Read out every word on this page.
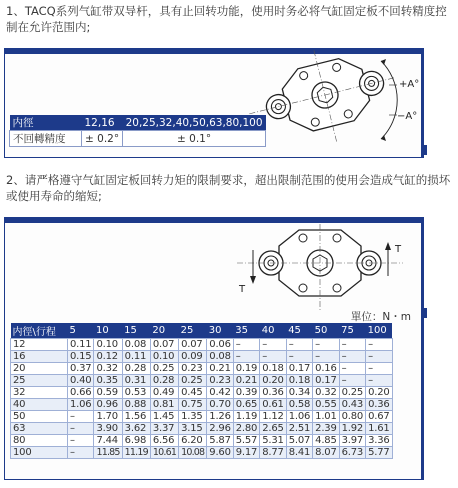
1、TACQ系列气缸带双导杆，具有止回转功能，使用时务必将气缸固定板不回转精度控制在允许范围内;
+A°
−A°
内徑	12,16	20,25,32,40,50,63,80,100
不回轉精度	± 0.2°	± 0.1°
2、请严格遵守气缸固定板回转力矩的限制要求，超出限制范围的使用会造成气缸的损坏或使用寿命的缩短;
T
T
單位：N・m
内徑\行程	5	10	15	20	25	30	35	40	45	50	75	100
12	0.11	0.10	0.08	0.07	0.07	0.06	–	–	–	–	–	–
16	0.15	0.12	0.11	0.10	0.09	0.08	–	–	–	–	–	–
20	0.37	0.32	0.28	0.25	0.23	0.21	0.19	0.18	0.17	0.16	–	–
25	0.40	0.35	0.31	0.28	0.25	0.23	0.21	0.20	0.18	0.17	–	–
32	0.66	0.59	0.53	0.49	0.45	0.42	0.39	0.36	0.34	0.32	0.25	0.20
40	1.06	0.96	0.88	0.81	0.75	0.70	0.65	0.61	0.58	0.55	0.43	0.36
50	–	1.70	1.56	1.45	1.35	1.26	1.19	1.12	1.06	1.01	0.80	0.67
63	–	3.90	3.62	3.37	3.15	2.96	2.80	2.65	2.51	2.39	1.92	1.61
80	–	7.44	6.98	6.56	6.20	5.87	5.57	5.31	5.07	4.85	3.97	3.36
100	–	11.85	11.19	10.61	10.08	9.60	9.17	8.77	8.41	8.07	6.73	5.77
